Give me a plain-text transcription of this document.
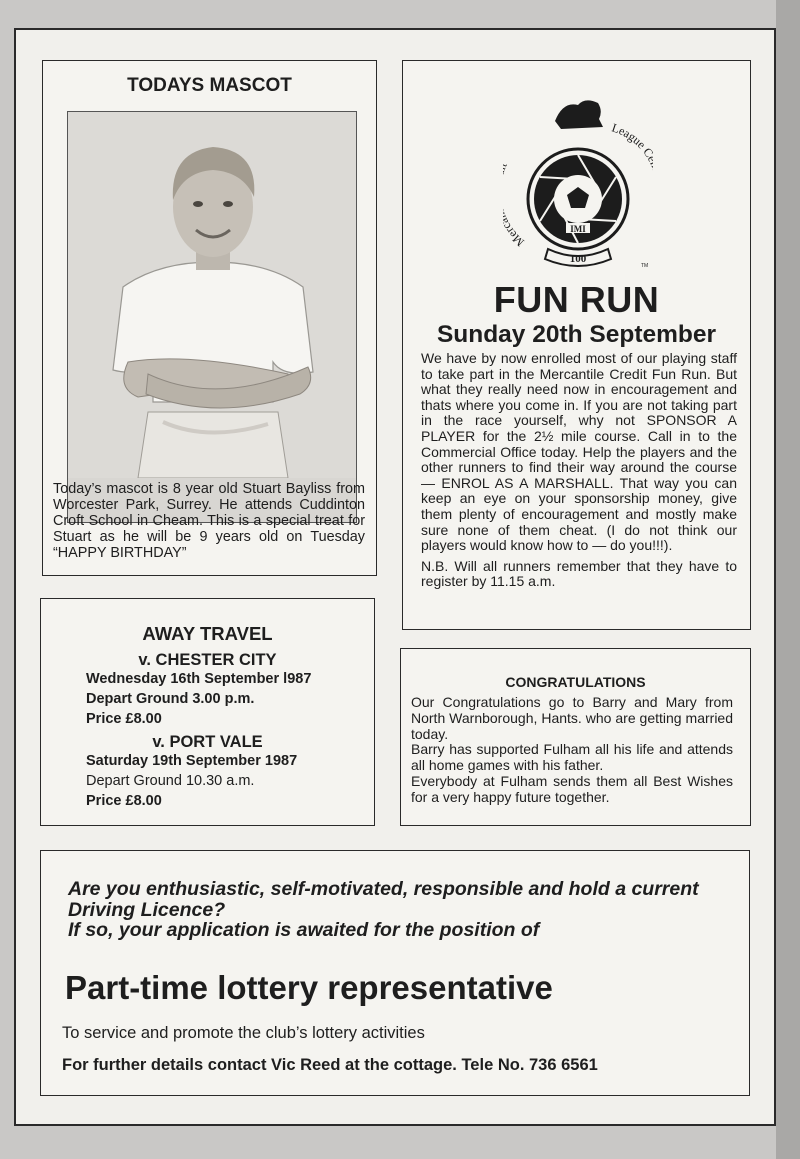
TODAYS MASCOT
Today’s mascot is 8 year old Stuart Bayliss from Worcester Park, Surrey. He attends Cuddinton Croft School in Cheam. This is a special treat for Stuart as he will be 9 years old on Tuesday “HAPPY BIRTHDAY”
IMI
100
TM
Mer
League
FUN RUN
Sunday 20th September

We have by now enrolled most of our playing staff to take part in the Mercantile Credit Fun Run. But what they really need now in encouragement and thats where you come in. If you are not taking part in the race yourself, why not SPONSOR A PLAYER for the 2½ mile course. Call in to the Commercial Office today. Help the players and the other runners to find their way around the course — ENROL AS A MARSHALL. That way you can keep an eye on your sponsorship money, give them plenty of encouragement and mostly make sure none of them cheat. (I do not think our players would know how to — do you!!!).

N.B. Will all runners remember that they have to register by 11.15 a.m.

AWAY TRAVEL
v. CHESTER CITY
Wednesday 16th September l987
Depart Ground 3.00 p.m.
Price £8.00
v. PORT VALE
Saturday 19th September 1987
Depart Ground 10.30 a.m.
Price £8.00
CONGRATULATIONS

Our Congratulations go to Barry and Mary from North Warnborough, Hants. who are getting married today.

Barry has supported Fulham all his life and attends all home games with his father.

Everybody at Fulham sends them all Best Wishes for a very happy future together.

Are you enthusiastic, self-motivated, responsible and hold a current Driving Licence?

If so, your application is awaited for the position of

Part-time lottery representative
To service and promote the club’s lottery activities
For further details contact Vic Reed at the cottage. Tele No. 736 6561
